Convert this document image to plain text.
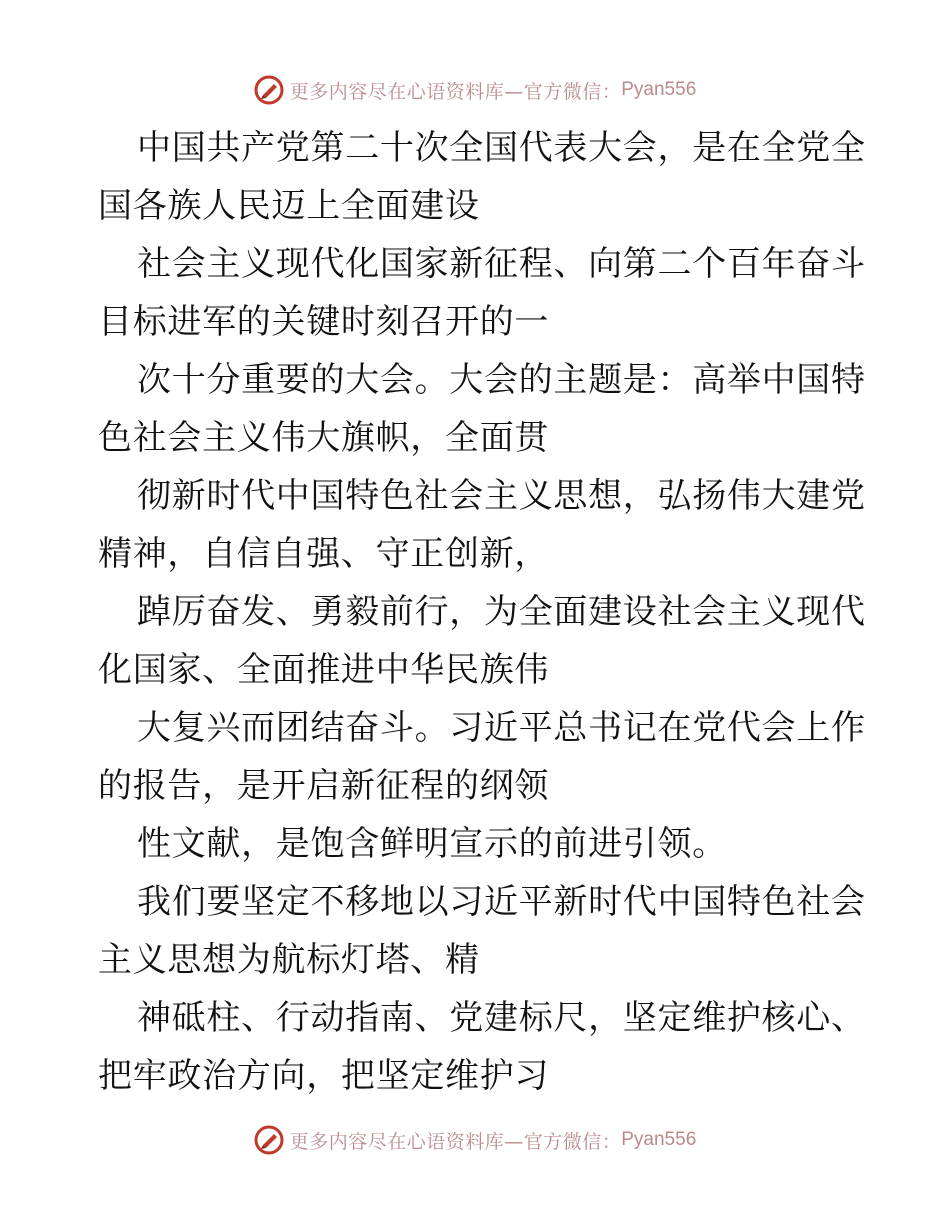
更多内容尽在心语资料库—官方微信： Pyan556
中国共产党第二十次全国代表大会，是在全党全
国各族人民迈上全面建设
社会主义现代化国家新征程、向第二个百年奋斗
目标进军的关键时刻召开的一
次十分重要的大会。大会的主题是：高举中国特
色社会主义伟大旗帜，全面贯
彻新时代中国特色社会主义思想，弘扬伟大建党
精神，自信自强、守正创新，
踔厉奋发、勇毅前行，为全面建设社会主义现代
化国家、全面推进中华民族伟
大复兴而团结奋斗。习近平总书记在党代会上作
的报告，是开启新征程的纲领
性文献，是饱含鲜明宣示的前进引领。
我们要坚定不移地以习近平新时代中国特色社会
主义思想为航标灯塔、精
神砥柱、行动指南、党建标尺，坚定维护核心、
把牢政治方向，把坚定维护习
更多内容尽在心语资料库—官方微信： Pyan556
